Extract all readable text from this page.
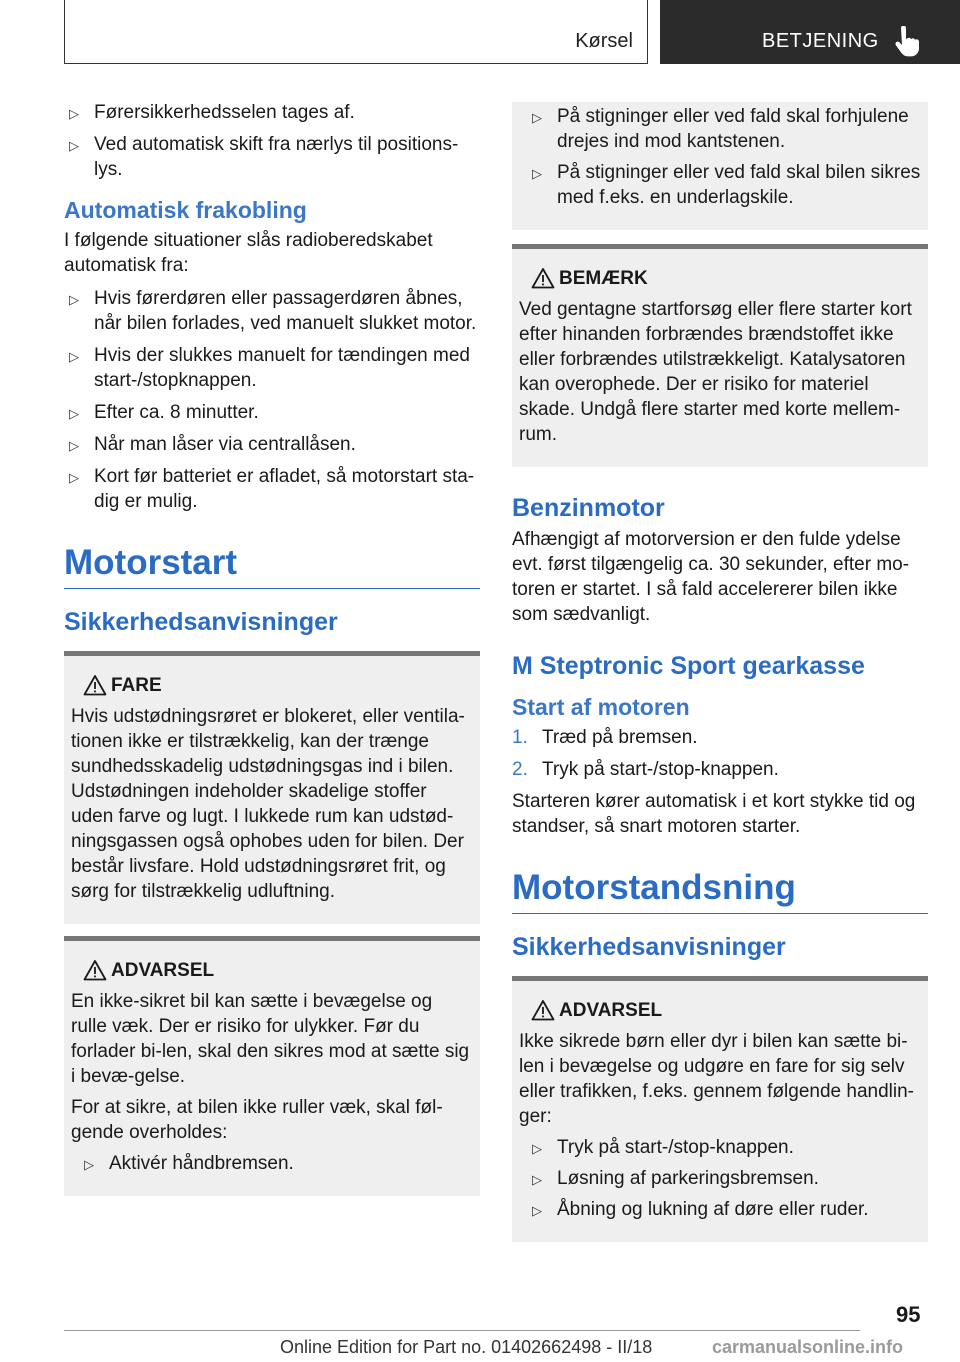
Kørsel	BETJENING
▷ Førersikkerhedsselen tages af.
▷ Ved automatisk skift fra nærlys til positions-lys.
Automatisk frakobling

I følgende situationer slås radioberedskabet automatisk fra:

▷ Hvis førerdøren eller passagerdøren åbnes, når bilen forlades, ved manuelt slukket motor.
▷ Hvis der slukkes manuelt for tændingen med start-/stopknappen.
▷ Efter ca. 8 minutter.
▷ Når man låser via centrallåsen.
▷ Kort før batteriet er afladet, så motorstart sta-dig er mulig.
Motorstart
Sikkerhedsanvisninger
FARE

Hvis udstødningsrøret er blokeret, eller ventila-tionen ikke er tilstrækkelig, kan der trænge sundhedsskadelig udstødningsgas ind i bilen. Udstødningen indeholder skadelige stoffer uden farve og lugt. I lukkede rum kan udstød-ningsgassen også ophobes uden for bilen. Der består livsfare. Hold udstødningsrøret frit, og sørg for tilstrækkelig udluftning.

ADVARSEL

En ikke-sikret bil kan sætte i bevægelse og rulle væk. Der er risiko for ulykker. Før du forlader bi-len, skal den sikres mod at sætte sig i bevæ-gelse.

For at sikre, at bilen ikke ruller væk, skal føl-gende overholdes:

▷ Aktivér håndbremsen.
▷ På stigninger eller ved fald skal forhjulene drejes ind mod kantstenen.
▷ På stigninger eller ved fald skal bilen sikres med f.eks. en underlagskile.
BEMÆRK

Ved gentagne startforsøg eller flere starter kort efter hinanden forbrændes brændstoffet ikke eller forbrændes utilstrækkeligt. Katalysatoren kan overophede. Der er risiko for materiel skade. Undgå flere starter med korte mellem-rum.

Benzinmotor

Afhængigt af motorversion er den fulde ydelse evt. først tilgængelig ca. 30 sekunder, efter mo-toren er startet. I så fald accelererer bilen ikke som sædvanligt.

M Steptronic Sport gearkasse
Start af motoren
1. Træd på bremsen.
2. Tryk på start-/stop-knappen.

Starteren kører automatisk i et kort stykke tid og standser, så snart motoren starter.

Motorstandsning
Sikkerhedsanvisninger
ADVARSEL

Ikke sikrede børn eller dyr i bilen kan sætte bi-len i bevægelse og udgøre en fare for sig selv eller trafikken, f.eks. gennem følgende handlin-ger:

▷ Tryk på start-/stop-knappen.
▷ Løsning af parkeringsbremsen.
▷ Åbning og lukning af døre eller ruder.
95
Online Edition for Part no. 01402662498 - II/18	carmanualsonline.info
